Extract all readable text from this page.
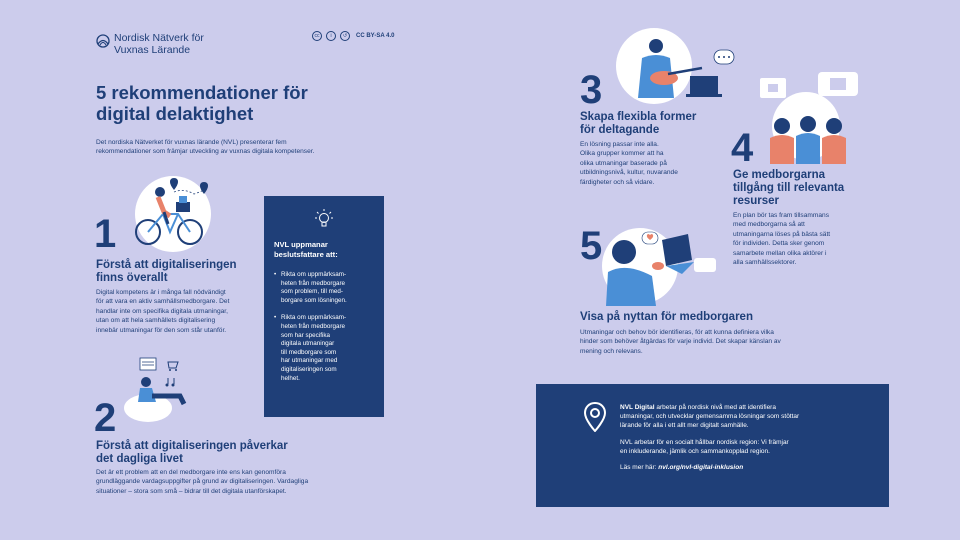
Nordisk Nätverk för
Vuxnas Lärande
cc	i	↺	CC BY-SA 4.0
5 rekommendationer för
digital delaktighet
Det nordiska Nätverket för vuxnas lärande (NVL) presenterar fem
rekommendationer som främjar utveckling av vuxnas digitala kompetenser.
1
Förstå att digitaliseringen
finns överallt
Digital kompetens är i många fall nödvändigt
för att vara en aktiv samhällsmedborgare. Det
handlar inte om specifika digitala utmaningar,
utan om att hela samhällets digitalisering
innebär utmaningar för den som står utanför.
NVL uppmanar
beslutsfattare att:
• Rikta om uppmärksam-
heten från medborgare
som problem, till med-
borgare som lösningen.
• Rikta om uppmärksam-
heten från medborgare
som har specifika
digitala utmaningar
till medborgare som
har utmaningar med
digitaliseringen som
helhet.
2
Förstå att digitaliseringen påverkar
det dagliga livet
Det är ett problem att en del medborgare inte ens kan genomföra
grundläggande vardagsuppgifter på grund av digitaliseringen. Vardagliga
situationer – stora som små – bidrar till det digitala utanförskapet.
3
Skapa flexibla former
för deltagande
En lösning passar inte alla.
Olika grupper kommer att ha
olika utmaningar baserade på
utbildningsnivå, kultur, nuvarande
färdigheter och så vidare.
4
Ge medborgarna
tillgång till relevanta
resurser
En plan bör tas fram tillsammans
med medborgarna så att
utmaningarna löses på bästa sätt
för individen. Detta sker genom
samarbete mellan olika aktörer i
alla samhällssektorer.
5
Visa på nyttan för medborgaren
Utmaningar och behov bör identifieras, för att kunna definiera vilka
hinder som behöver åtgärdas för varje individ. Det skapar känslan av
mening och relevans.

NVL Digital arbetar på nordisk nivå med att identifiera
utmaningar, och utvecklar gemensamma lösningar som stöttar
lärande för alla i ett allt mer digitalt samhälle.

NVL arbetar för en socialt hållbar nordisk region: Vi främjar
en inkluderande, jämlik och sammankopplad region.

Läs mer här: nvl.org/nvl-digital-inklusion
